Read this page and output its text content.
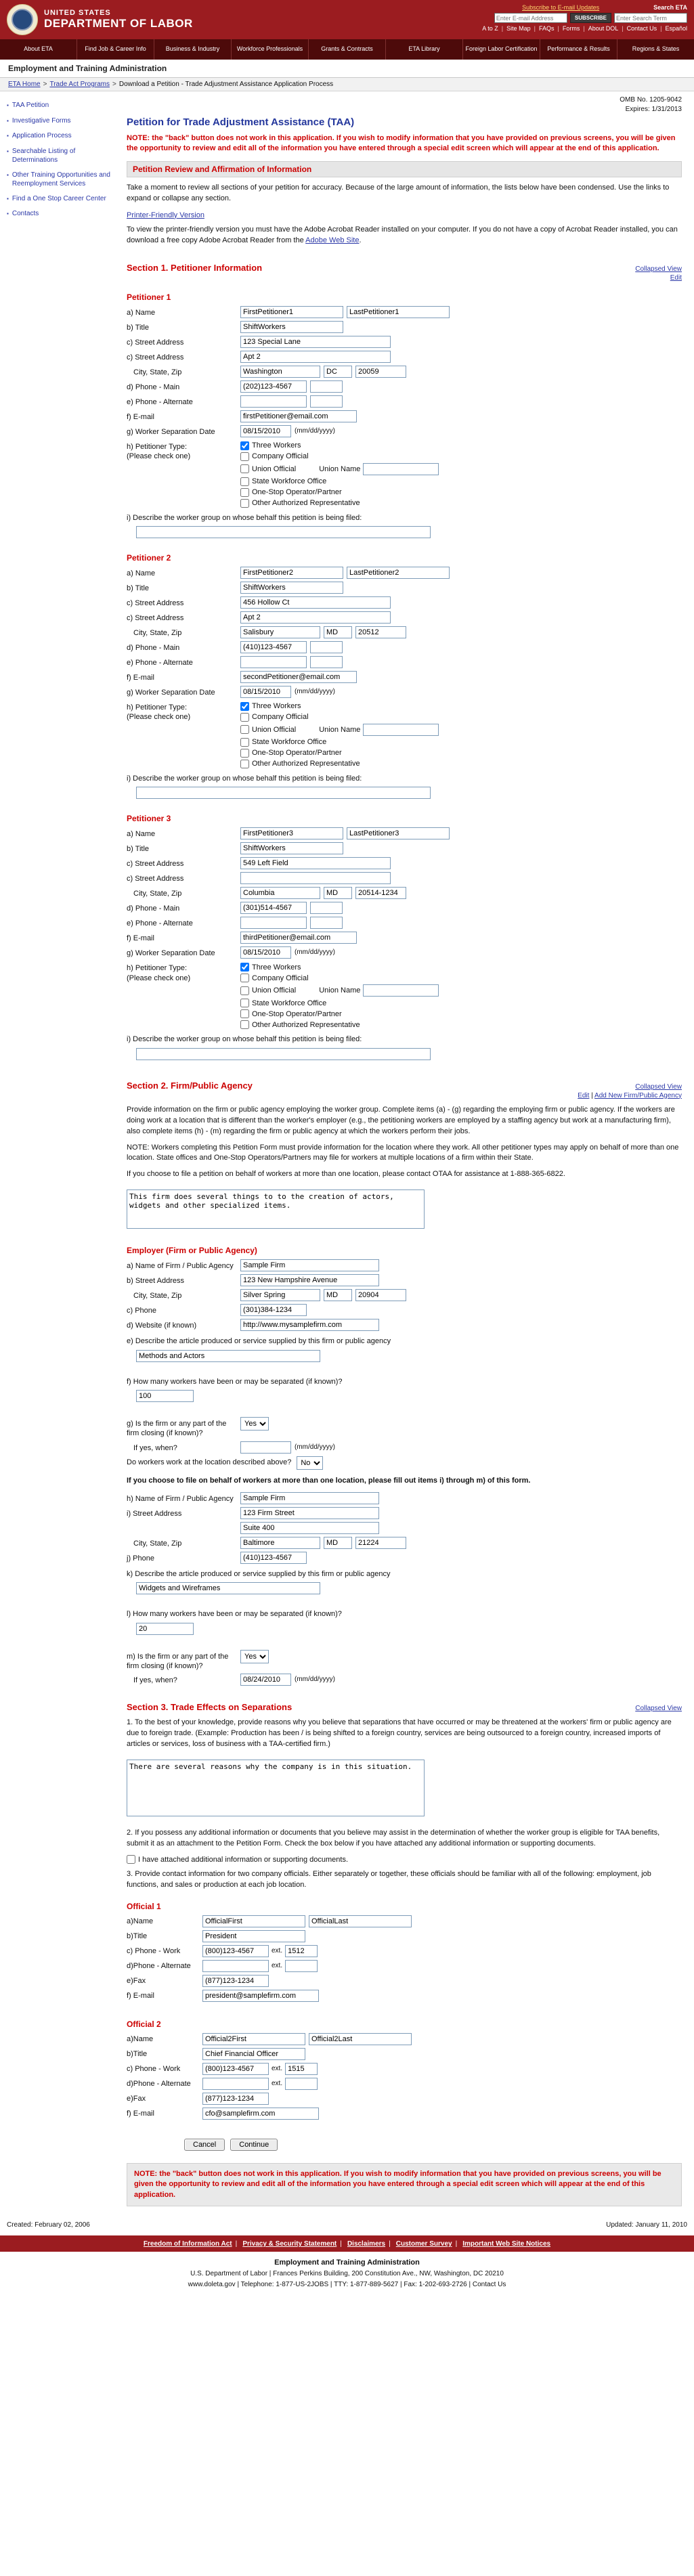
UNITED STATES
DEPARTMENT OF LABOR
Subscribe to E-mail Updates	Search ETA
Enter E-mail Address
SUBSCRIBE
Enter Search Term
A to Z | Site Map | FAQs | Forms | About DOL | Contact Us | Español
About ETA	Find Job & Career Info	Business & Industry	Workforce Professionals	Grants & Contracts	ETA Library	Foreign Labor Certification	Performance & Results	Regions & States
Employment and Training Administration
ETA Home > Trade Act Programs > Download a Petition - Trade Adjustment Assistance Application Process
▪ TAA Petition
▪ Investigative Forms
▪ Application Process
▪ Searchable Listing of Determinations
▪ Other Training Opportunities and Reemployment Services
▪ Find a One Stop Career Center
▪ Contacts
OMB No. 1205-9042
Expires: 1/31/2013
Petition for Trade Adjustment Assistance (TAA)
NOTE: the "back" button does not work in this application. If you wish to modify information that you have provided on previous screens, you will be given the opportunity to review and edit all of the information you have entered through a special edit screen which will appear at the end of this application.
Petition Review and Affirmation of Information

Take a moment to review all sections of your petition for accuracy. Because of the large amount of information, the lists below have been condensed. Use the links to expand or collapse any section.

Printer-Friendly Version

To view the printer-friendly version you must have the Adobe Acrobat Reader installed on your computer. If you do not have a copy of Acrobat Reader installed, you can download a free copy Adobe Acrobat Reader from the Adobe Web Site.

Section 1. Petitioner Information	Collapsed View
Edit
Petitioner 1
a) Name
FirstPetitioner1
LastPetitioner1
b) Title
ShiftWorkers
c) Street Address
123 Special Lane
c) Street Address
Apt 2
City, State, Zip
Washington
DC
20059
d) Phone - Main
(202)123-4567
e) Phone - Alternate
f) E-mail
firstPetitioner@email.com
g) Worker Separation Date
08/15/2010	(mm/dd/yyyy)
h) Petitioner Type:
(Please check one)
Three Workers
Company Official
Union Official	Union Name
State Workforce Office
One-Stop Operator/Partner
Other Authorized Representative
i) Describe the worker group on whose behalf this petition is being filed:
Petitioner 2
a) Name
FirstPetitioner2
LastPetitioner2
b) Title
ShiftWorkers
c) Street Address
456 Hollow Ct
c) Street Address
Apt 2
City, State, Zip
Salisbury
MD
20512
d) Phone - Main
(410)123-4567
e) Phone - Alternate
f) E-mail
secondPetitioner@email.com
g) Worker Separation Date
08/15/2010	(mm/dd/yyyy)
h) Petitioner Type:
(Please check one)
Three Workers
Company Official
Union Official	Union Name
State Workforce Office
One-Stop Operator/Partner
Other Authorized Representative
i) Describe the worker group on whose behalf this petition is being filed:
Petitioner 3
a) Name
FirstPetitioner3
LastPetitioner3
b) Title
ShiftWorkers
c) Street Address
549 Left Field
c) Street Address
City, State, Zip
Columbia
MD
20514-1234
d) Phone - Main
(301)514-4567
e) Phone - Alternate
f) E-mail
thirdPetitioner@email.com
g) Worker Separation Date
08/15/2010	(mm/dd/yyyy)
h) Petitioner Type:
(Please check one)
Three Workers
Company Official
Union Official	Union Name
State Workforce Office
One-Stop Operator/Partner
Other Authorized Representative
i) Describe the worker group on whose behalf this petition is being filed:
Section 2. Firm/Public Agency	Collapsed View
Edit | Add New Firm/Public Agency

Provide information on the firm or public agency employing the worker group. Complete items (a) - (g) regarding the employing firm or public agency. If the workers are doing work at a location that is different than the worker's employer (e.g., the petitioning workers are employed by a staffing agency but work at a manufacturing firm), also complete items (h) - (m) regarding the firm or public agency at which the workers perform their jobs.

NOTE: Workers completing this Petition Form must provide information for the location where they work. All other petitioner types may apply on behalf of more than one location. State offices and One-Stop Operators/Partners may file for workers at multiple locations of a firm within their State.

If you choose to file a petition on behalf of workers at more than one location, please contact OTAA for assistance at 1-888-365-6822.

This firm does several things to to the creation of actors, widgets and other specialized items.
Employer (Firm or Public Agency)
a) Name of Firm / Public Agency
Sample Firm
b) Street Address
123 New Hampshire Avenue
City, State, Zip
Silver Spring
MD
20904
c) Phone
(301)384-1234
d) Website (if known)
http://www.mysamplefirm.com
e) Describe the article produced or service supplied by this firm or public agency
Methods and Actors
f) How many workers have been or may be separated (if known)?
100
g) Is the firm or any part of the firm closing (if known)?
Yes
If yes, when?	(mm/dd/yyyy)
Do workers work at the location described above?
No
If you choose to file on behalf of workers at more than one location, please fill out items i) through m) of this form.
h) Name of Firm / Public Agency
Sample Firm
i) Street Address
123 Firm Street
Suite 400
City, State, Zip
Baltimore
MD
21224
j) Phone
(410)123-4567
k) Describe the article produced or service supplied by this firm or public agency
Widgets and Wireframes
l) How many workers have been or may be separated (if known)?
20
m) Is the firm or any part of the firm closing (if known)?
Yes
If yes, when?
08/24/2010	(mm/dd/yyyy)
Section 3. Trade Effects on Separations	Collapsed View

1. To the best of your knowledge, provide reasons why you believe that separations that have occurred or may be threatened at the workers' firm or public agency are due to foreign trade. (Example: Production has been / is being shifted to a foreign country, services are being outsourced to a foreign country, increased imports of articles or services, loss of business with a TAA-certified firm.)

There are several reasons why the company is in this situation.

2. If you possess any additional information or documents that you believe may assist in the determination of whether the worker group is eligible for TAA benefits, submit it as an attachment to the Petition Form. Check the box below if you have attached any additional information or supporting documents.

I have attached additional information or supporting documents.

3. Provide contact information for two company officials. Either separately or together, these officials should be familiar with all of the following: employment, job functions, and sales or production at each job location.

Official 1
a)Name
OfficialFirst
OfficialLast
b)Title
President
c) Phone - Work
(800)123-4567	ext.
1512
d)Phone - Alternate	ext.
e)Fax
(877)123-1234
f) E-mail
president@samplefirm.com
Official 2
a)Name
Official2First
Official2Last
b)Title
Chief Financial Officer
c) Phone - Work
(800)123-4567	ext.
1515
d)Phone - Alternate	ext.
e)Fax
(877)123-1234
f) E-mail
cfo@samplefirm.com
Cancel	Continue
NOTE: the "back" button does not work in this application. If you wish to modify information that you have provided on previous screens, you will be given the opportunity to review and edit all of the information you have entered through a special edit screen which will appear at the end of this application.
Created: February 02, 2006	Updated: January 11, 2010
Freedom of Information Act | Privacy & Security Statement | Disclaimers | Customer Survey | Important Web Site Notices
Employment and Training Administration
U.S. Department of Labor | Frances Perkins Building, 200 Constitution Ave., NW, Washington, DC 20210
www.doleta.gov | Telephone: 1-877-US-2JOBS | TTY: 1-877-889-5627 | Fax: 1-202-693-2726 | Contact Us
